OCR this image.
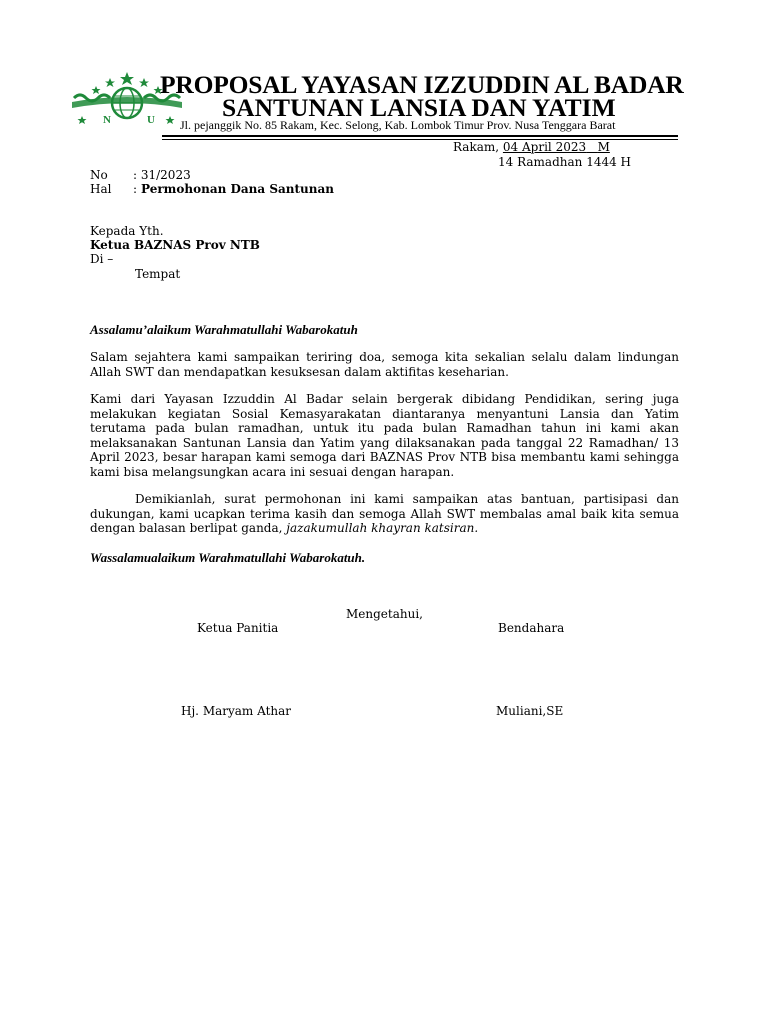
N	U
PROPOSAL YAYASAN IZZUDDIN AL BADAR
SANTUNAN LANSIA DAN YATIM
Jl. pejanggik No. 85 Rakam, Kec. Selong, Kab. Lombok Timur Prov. Nusa Tenggara Barat
Rakam, 04 April 2023 M
14 Ramadhan 1444 H
No : 31/2023
Hal : Permohonan Dana Santunan
Kepada Yth.
Ketua BAZNAS Prov NTB
Di –
Tempat
Assalamu’alaikum Warahmatullahi Wabarokatuh
Salam sejahtera kami sampaikan teriring doa, semoga kita sekalian selalu dalam lindungan Allah SWT dan mendapatkan kesuksesan dalam aktifitas keseharian.
Kami dari Yayasan Izzuddin Al Badar selain bergerak dibidang Pendidikan, sering juga melakukan kegiatan Sosial Kemasyarakatan diantaranya menyantuni Lansia dan Yatim terutama pada bulan ramadhan, untuk itu pada bulan Ramadhan tahun ini kami akan melaksanakan Santunan Lansia dan Yatim yang dilaksanakan pada tanggal 22 Ramadhan/ 13 April 2023, besar harapan kami semoga dari BAZNAS Prov NTB bisa membantu kami sehingga kami bisa melangsungkan acara ini sesuai dengan harapan.
Demikianlah, surat permohonan ini kami sampaikan atas bantuan, partisipasi dan dukungan, kami ucapkan terima kasih dan semoga Allah SWT membalas amal baik kita semua dengan balasan berlipat ganda, jazakumullah khayran katsiran.
Wassalamualaikum Warahmatullahi Wabarokatuh.
Mengetahui,
Ketua Panitia	Bendahara
Hj. Maryam Athar	Muliani,SE
